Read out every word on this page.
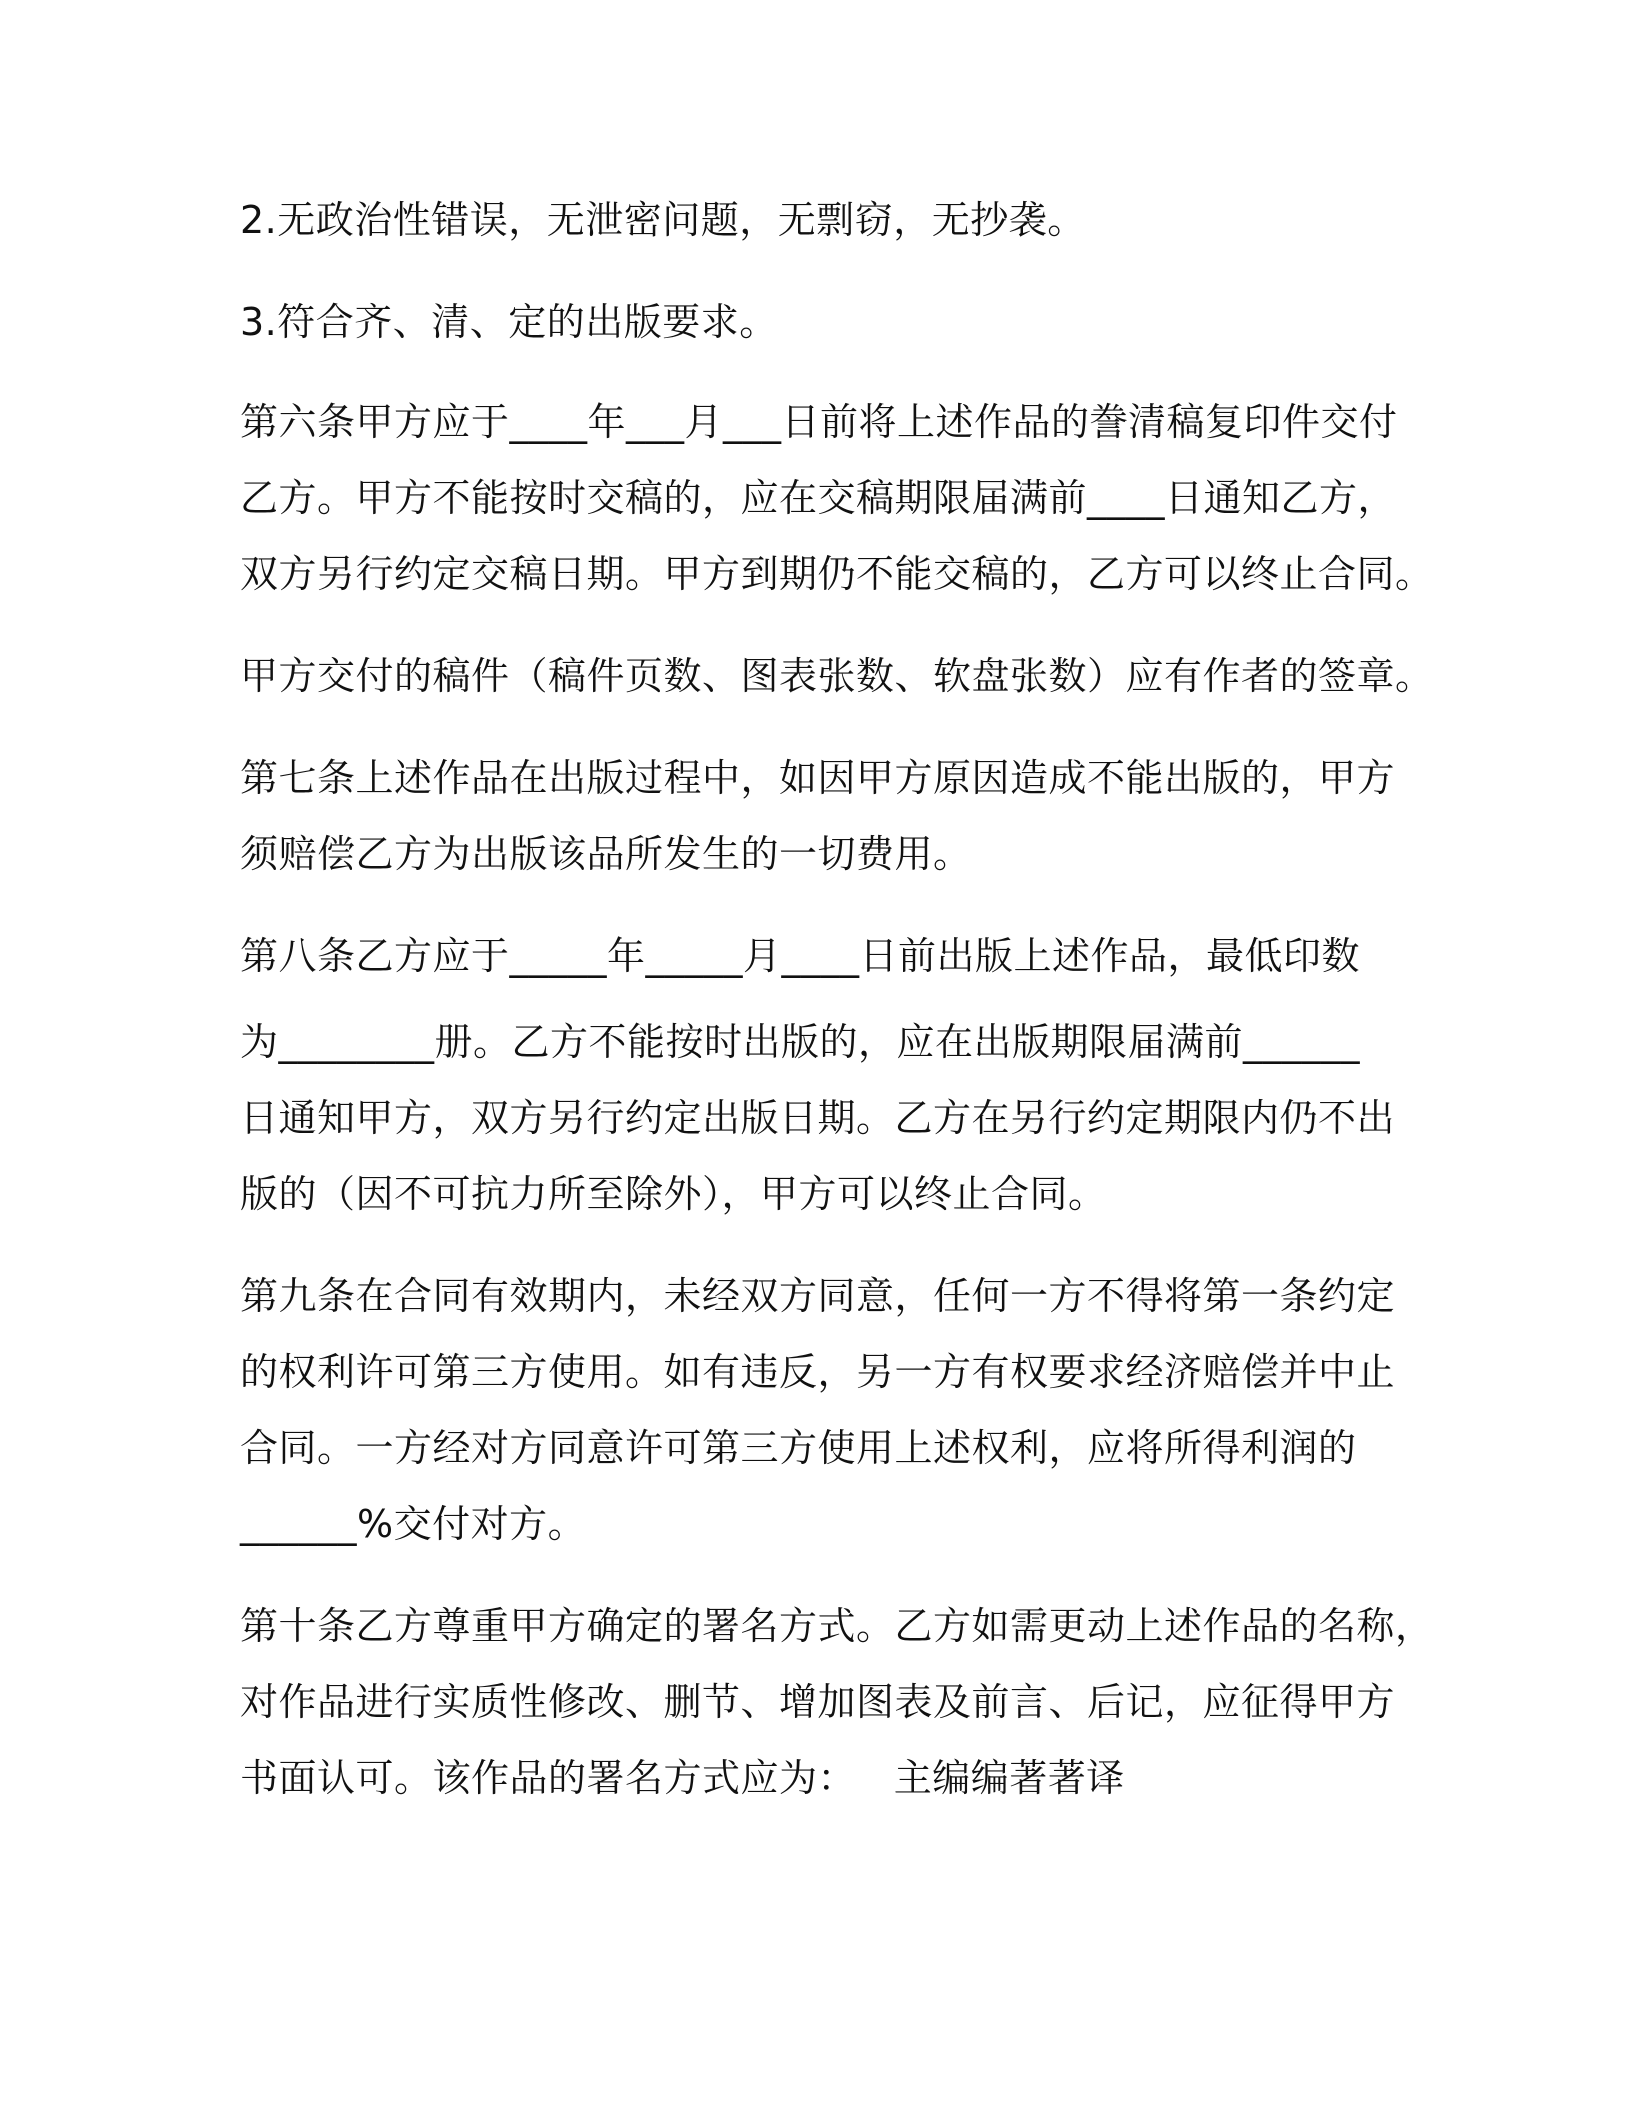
2.无政治性错误，无泄密问题，无剽窃，无抄袭。
3.符合齐、清、定的出版要求。
第六条甲方应于____年___月___日前将上述作品的誊清稿复印件交付
乙方。甲方不能按时交稿的，应在交稿期限届满前____日通知乙方，
双方另行约定交稿日期。甲方到期仍不能交稿的，乙方可以终止合同。
甲方交付的稿件（稿件页数、图表张数、软盘张数）应有作者的签章。
第七条上述作品在出版过程中，如因甲方原因造成不能出版的，甲方
须赔偿乙方为出版该品所发生的一切费用。
第八条乙方应于_____年_____月____日前出版上述作品，最低印数
为________册。乙方不能按时出版的，应在出版期限届满前______
日通知甲方，双方另行约定出版日期。乙方在另行约定期限内仍不出
版的（因不可抗力所至除外），甲方可以终止合同。
第九条在合同有效期内，未经双方同意，任何一方不得将第一条约定
的权利许可第三方使用。如有违反，另一方有权要求经济赔偿并中止
合同。一方经对方同意许可第三方使用上述权利，应将所得利润的
______%交付对方。
第十条乙方尊重甲方确定的署名方式。乙方如需更动上述作品的名称，
对作品进行实质性修改、删节、增加图表及前言、后记，应征得甲方
书面认可。该作品的署名方式应为：   主编编著著译
